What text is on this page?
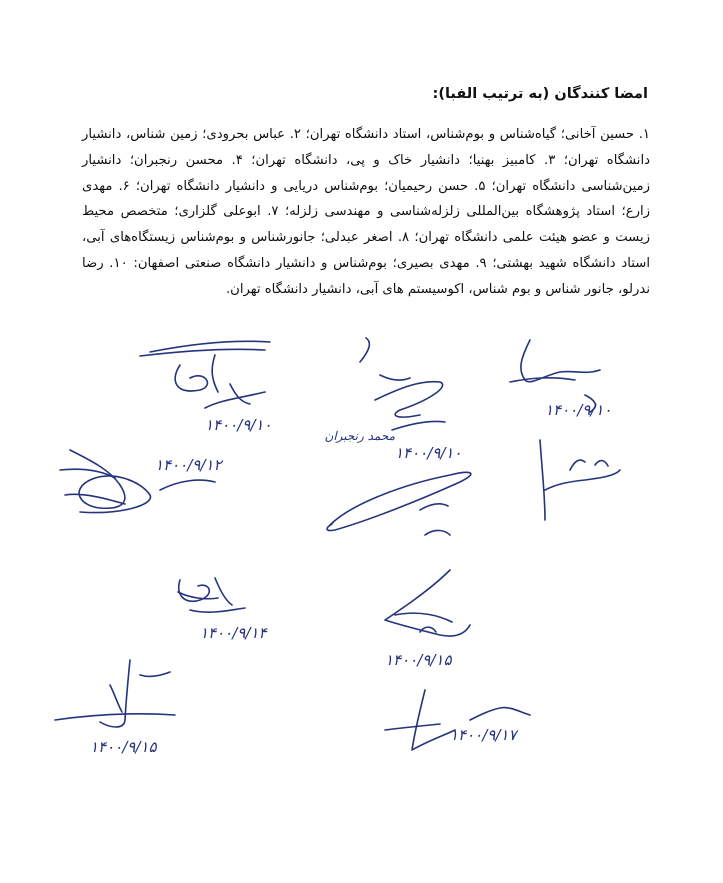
امضا کنندگان (به ترتیب الفبا):
۱. حسین آخانی؛ گیاه‌شناس و بوم‌شناس، استاد دانشگاه تهران؛ ۲. عباس بحرودی؛ زمین شناس، دانشیار دانشگاه تهران؛ ۳. کامبیز بهنیا؛ دانشیار خاک و پی، دانشگاه تهران؛ ۴. محسن رنجبران؛ دانشیار زمین‌شناسی دانشگاه تهران؛ ۵. حسن رحیمیان؛ بوم‌شناس دریایی و دانشیار دانشگاه تهران؛ ۶. مهدی زارع؛ استاد پژوهشگاه بین‌المللی زلزله‌شناسی و مهندسی زلزله؛ ۷. ابوعلی گلزاری؛ متخصص محیط زیست و عضو هیئت علمی دانشگاه تهران؛ ۸. اصغر عبدلی؛ جانورشناس و بوم‌شناس زیستگاه‌های آبی، استاد دانشگاه شهید بهشتی؛ ۹. مهدی بصیری؛ بوم‌شناس و دانشیار دانشگاه صنعتی اصفهان: ۱۰. رضا ندرلو، جانور شناس و بوم شناس، اکوسیستم های آبی، دانشیار دانشگاه تهران.
۱۴۰۰/۹/۱۰
محمد رنجبران
۱۴۰۰/۹/۱۰
۱۴۰۰/۹/۱۰
۱۴۰۰/۹/۱۲
۱۴۰۰/۹/۱۴
۱۴۰۰/۹/۱۵
۱۴۰۰/۹/۱۵
۱۴۰۰/۹/۱۷
